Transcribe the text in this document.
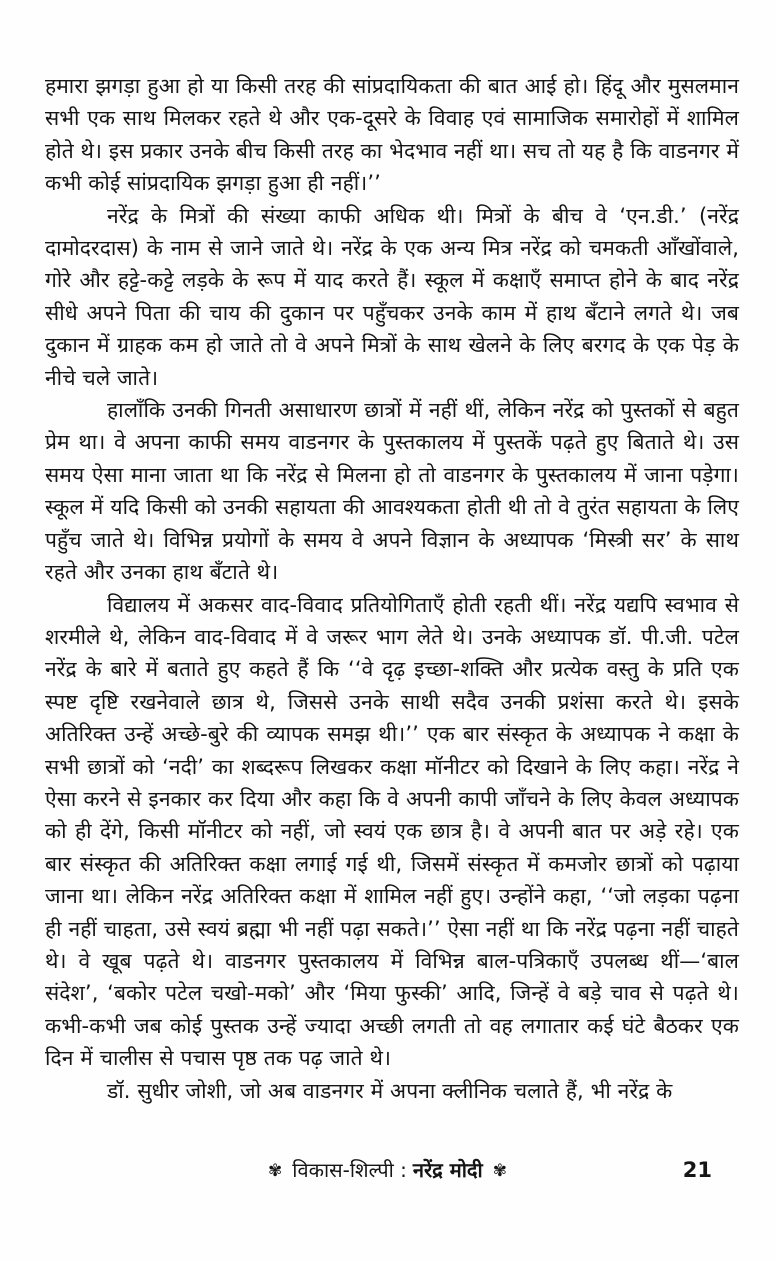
हमारा झगड़ा हुआ हो या किसी तरह की सांप्रदायिकता की बात आई हो। हिंदू और मुसलमान सभी एक साथ मिलकर रहते थे और एक-दूसरे के विवाह एवं सामाजिक समारोहों में शामिल होते थे। इस प्रकार उनके बीच किसी तरह का भेदभाव नहीं था। सच तो यह है कि वाडनगर में कभी कोई सांप्रदायिक झगड़ा हुआ ही नहीं।’’

नरेंद्र के मित्रों की संख्या काफी अधिक थी। मित्रों के बीच वे ‘एन.डी.’ (नरेंद्र दामोदरदास) के नाम से जाने जाते थे। नरेंद्र के एक अन्य मित्र नरेंद्र को चमकती आँखोंवाले, गोरे और हट्टे-कट्टे लड़के के रूप में याद करते हैं। स्कूल में कक्षाएँ समाप्त होने के बाद नरेंद्र सीधे अपने पिता की चाय की दुकान पर पहुँचकर उनके काम में हाथ बँटाने लगते थे। जब दुकान में ग्राहक कम हो जाते तो वे अपने मित्रों के साथ खेलने के लिए बरगद के एक पेड़ के नीचे चले जाते।

हालाँकि उनकी गिनती असाधारण छात्रों में नहीं थीं, लेकिन नरेंद्र को पुस्तकों से बहुत प्रेम था। वे अपना काफी समय वाडनगर के पुस्तकालय में पुस्तकें पढ़ते हुए बिताते थे। उस समय ऐसा माना जाता था कि नरेंद्र से मिलना हो तो वाडनगर के पुस्तकालय में जाना पड़ेगा। स्कूल में यदि किसी को उनकी सहायता की आवश्यकता होती थी तो वे तुरंत सहायता के लिए पहुँच जाते थे। विभिन्न प्रयोगों के समय वे अपने विज्ञान के अध्यापक ‘मिस्त्री सर’ के साथ रहते और उनका हाथ बँटाते थे।

विद्यालय में अकसर वाद-विवाद प्रतियोगिताएँ होती रहती थीं। नरेंद्र यद्यपि स्वभाव से शरमीले थे, लेकिन वाद-विवाद में वे जरूर भाग लेते थे। उनके अध्यापक डॉ. पी.जी. पटेल नरेंद्र के बारे में बताते हुए कहते हैं कि ‘‘वे दृढ़ इच्छा-शक्ति और प्रत्येक वस्तु के प्रति एक स्पष्ट दृष्टि रखनेवाले छात्र थे, जिससे उनके साथी सदैव उनकी प्रशंसा करते थे। इसके अतिरिक्त उन्हें अच्छे-बुरे की व्यापक समझ थी।’’ एक बार संस्कृत के अध्यापक ने कक्षा के सभी छात्रों को ‘नदी’ का शब्दरूप लिखकर कक्षा मॉनीटर को दिखाने के लिए कहा। नरेंद्र ने ऐसा करने से इनकार कर दिया और कहा कि वे अपनी कापी जाँचने के लिए केवल अध्यापक को ही देंगे, किसी मॉनीटर को नहीं, जो स्वयं एक छात्र है। वे अपनी बात पर अड़े रहे। एक बार संस्कृत की अतिरिक्त कक्षा लगाई गई थी, जिसमें संस्कृत में कमजोर छात्रों को पढ़ाया जाना था। लेकिन नरेंद्र अतिरिक्त कक्षा में शामिल नहीं हुए। उन्होंने कहा, ‘‘जो लड़का पढ़ना ही नहीं चाहता, उसे स्वयं ब्रह्मा भी नहीं पढ़ा सकते।’’ ऐसा नहीं था कि नरेंद्र पढ़ना नहीं चाहते थे। वे खूब पढ़ते थे। वाडनगर पुस्तकालय में विभिन्न बाल-पत्रिकाएँ उपलब्ध थीं—‘बाल संदेश’, ‘बकोर पटेल चखो-मको’ और ‘मिया फुस्की’ आदि, जिन्हें वे बड़े चाव से पढ़ते थे। कभी-कभी जब कोई पुस्तक उन्हें ज्यादा अच्छी लगती तो वह लगातार कई घंटे बैठकर एक दिन में चालीस से पचास पृष्ठ तक पढ़ जाते थे।

डॉ. सुधीर जोशी, जो अब वाडनगर में अपना क्लीनिक चलाते हैं, भी नरेंद्र के

✾ विकास-शिल्पी : नरेंद्र मोदी ✾	21
